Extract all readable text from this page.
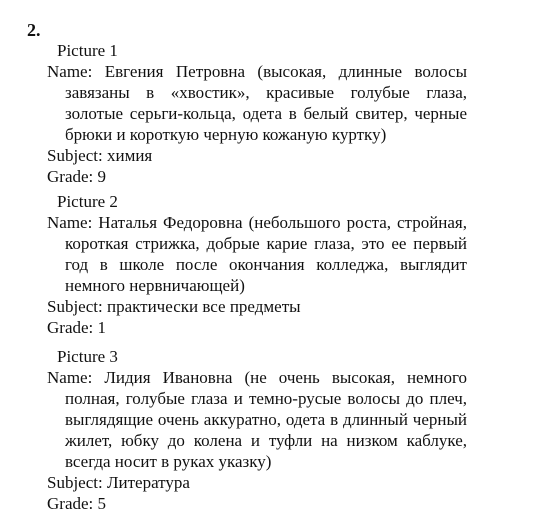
2.
Picture 1
Name: Евгения Петровна (высокая, длинные волосы завязаны в «хвостик», красивые голубые глаза, золотые серьги-кольца, одета в белый свитер, черные брюки и короткую черную кожаную куртку)
Subject: химия
Grade: 9
Picture 2
Name: Наталья Федоровна (небольшого роста, стройная, короткая стрижка, добрые карие глаза, это ее первый год в школе после окончания колледжа, выглядит немного нервничающей)
Subject: практически все предметы
Grade: 1
Picture 3
Name: Лидия Ивановна (не очень высокая, немного полная, голубые глаза и темно-русые волосы до плеч, выглядящие очень аккуратно, одета в длинный черный жилет, юбку до колена и туфли на низком каблуке, всегда носит в руках указку)
Subject: Литература
Grade: 5
